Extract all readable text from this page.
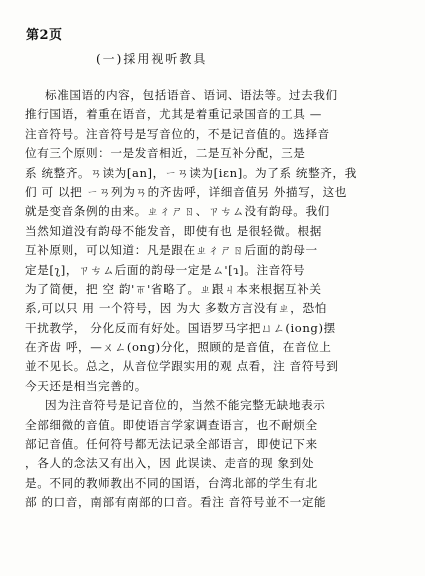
第2页
(一)採用视听教具
标准国语的内容，包括语音、语词、语法等。过去我们
推行国语，着重在语音，尤其是着重记录国音的工具 —
注音符号。注音符号是写音位的，不是记音值的。选择音
位有三个原则：一是发音相近，二是互补分配，三是
系 统整齐。ㄢ读为[an]，ㄧㄢ读为[iɛn]。为了系 统整齐，我
们 可 以把 ㄧㄢ列为ㄢ的齐齿呼，详细音值另 外描写，这也
就是变音条例的由来。ㄓㄔㄕㄖ、ㄗㄘㄙ没有韵母。我们
当然知道没有韵母不能发音，即使有也 是很轻微。根据
互补原则，可以知道：凡是跟在ㄓㄔㄕㄖ后面的韵母一
定是[ʅ]，ㄗㄘㄙ后面的韵母一定是ㄙ'[ɿ]。注音符号
为了简便，把 空 韵'ㄭ'省略了。ㄓ跟ㄐ本来根据互补关
系,可以只 用 一个符号，因 为大 多数方言没有ㄓ，恐怕
干扰教学， 分化反而有好处。国语罗马字把ㄩㄥ(iong)摆
在齐齿 呼，—ㄨㄥ(ong)分化，照顾的是音值，在音位上
並不见长。总之，从音位学跟实用的观 点看，注 音符号到
今天还是相当完善的。
因为注音符号是记音位的，当然不能完整无缺地表示
全部细微的音值。即使语言学家调查语言，也不耐烦全
部记音值。任何符号都无法记录全部语言，即使记下来
，各人的念法又有出入，因 此误读、走音的现 象到处
是。不同的教师教出不同的国语，台湾北部的学生有北
部 的口音，南部有南部的口音。看注 音符号並不一定能
